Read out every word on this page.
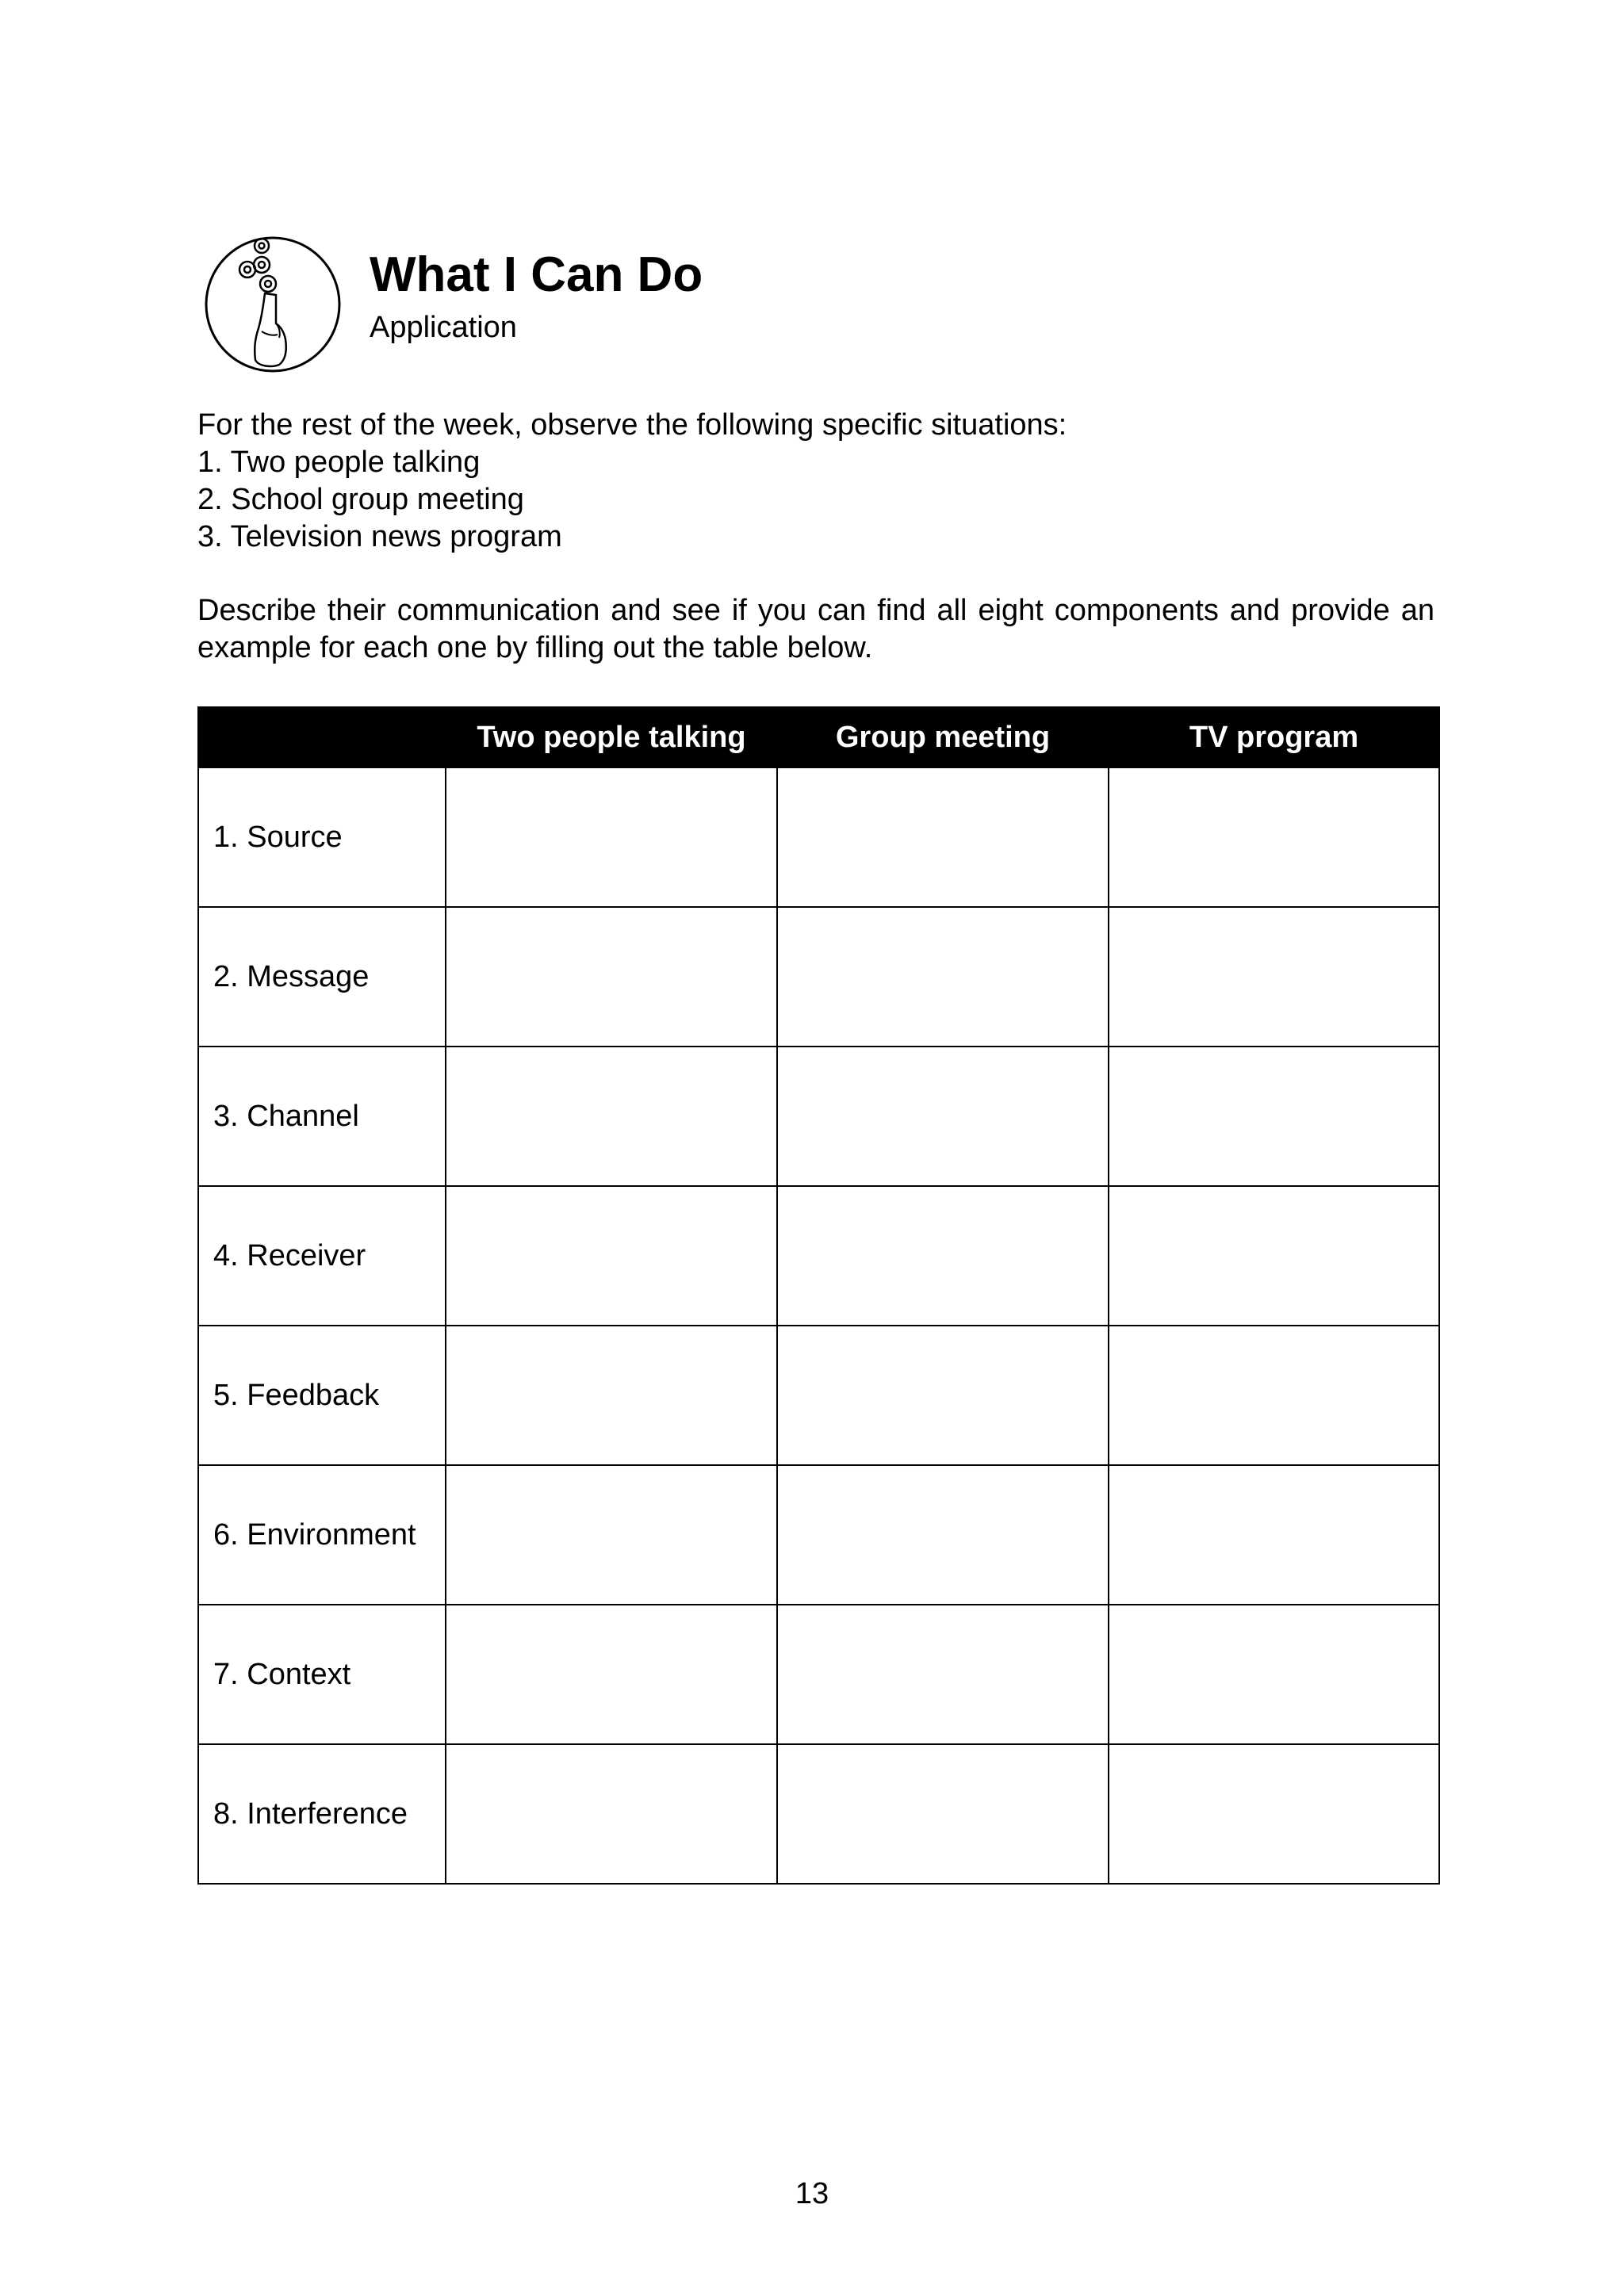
What I Can Do
Application

For the rest of the week, observe the following specific situations:

1. Two people talking

2. School group meeting

3. Television news program

Describe their communication and see if you can find all eight components and provide an example for each one by filling out the table below.
	Two people talking	Group meeting	TV program
1. Source			
2. Message			
3. Channel			
4. Receiver			
5. Feedback			
6. Environment			
7. Context			
8. Interference			
13
